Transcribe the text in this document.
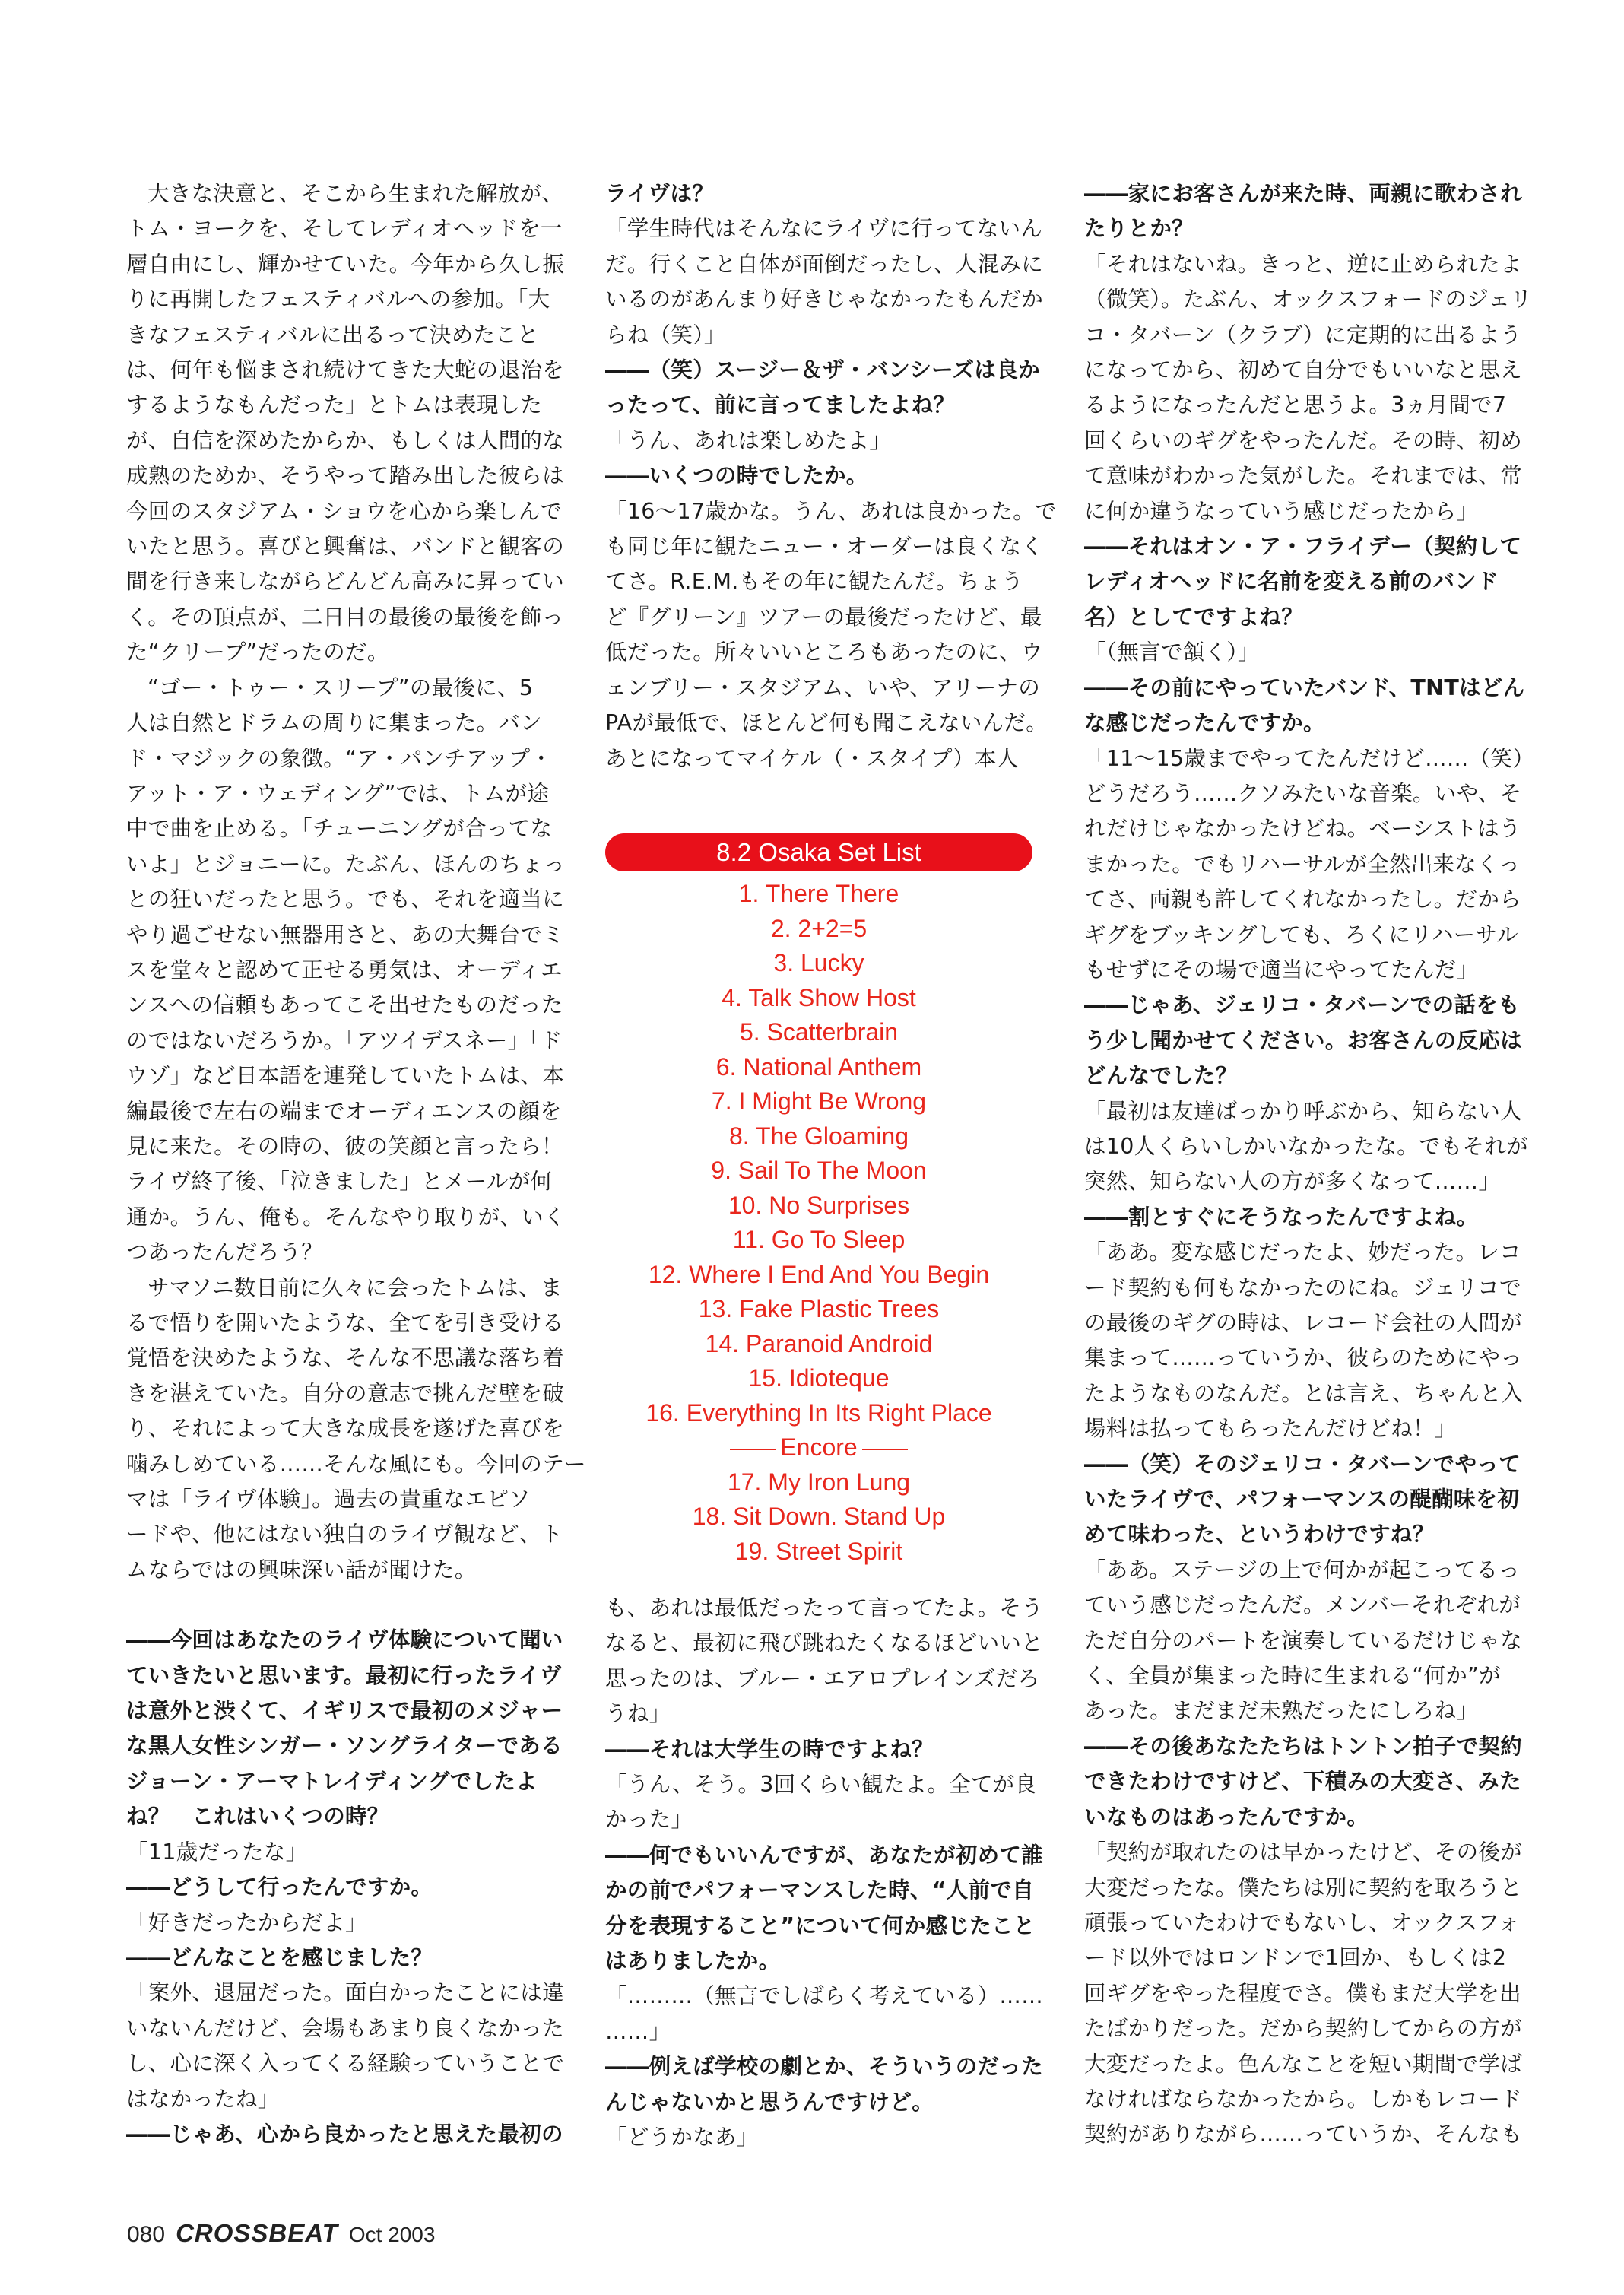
大きな決意と、そこから生まれた解放が、

トム・ヨークを、そしてレディオヘッドを一

層自由にし、輝かせていた。今年から久し振

りに再開したフェスティバルへの参加。「大

きなフェスティバルに出るって決めたこと

は、何年も悩まされ続けてきた大蛇の退治を

するようなもんだった」とトムは表現した

が、自信を深めたからか、もしくは人間的な

成熟のためか、そうやって踏み出した彼らは

今回のスタジアム・ショウを心から楽しんで

いたと思う。喜びと興奮は、バンドと観客の

間を行き来しながらどんどん高みに昇ってい

く。その頂点が、二日目の最後の最後を飾っ

た“クリープ”だったのだ。

“ゴー・トゥー・スリープ”の最後に、5

人は自然とドラムの周りに集まった。バン

ド・マジックの象徴。“ア・パンチアップ・

アット・ア・ウェディング”では、トムが途

中で曲を止める。「チューニングが合ってな

いよ」とジョニーに。たぶん、ほんのちょっ

との狂いだったと思う。でも、それを適当に

やり過ごせない無器用さと、あの大舞台でミ

スを堂々と認めて正せる勇気は、オーディエ

ンスへの信頼もあってこそ出せたものだった

のではないだろうか。「アツイデスネー」「ド

ウゾ」など日本語を連発していたトムは、本

編最後で左右の端までオーディエンスの顔を

見に来た。その時の、彼の笑顔と言ったら！

ライヴ終了後、「泣きました」とメールが何

通か。うん、俺も。そんなやり取りが、いく

つあったんだろう？

サマソニ数日前に久々に会ったトムは、ま

るで悟りを開いたような、全てを引き受ける

覚悟を決めたような、そんな不思議な落ち着

きを湛えていた。自分の意志で挑んだ壁を破

り、それによって大きな成長を遂げた喜びを

噛みしめている……そんな風にも。今回のテー

マは「ライヴ体験」。過去の貴重なエピソ

ードや、他にはない独自のライヴ観など、ト

ムならではの興味深い話が聞けた。

――今回はあなたのライヴ体験について聞い

ていきたいと思います。最初に行ったライヴ

は意外と渋くて、イギリスで最初のメジャー

な黒人女性シンガー・ソングライターである

ジョーン・アーマトレイディングでしたよ

ね？　これはいくつの時？

「11歳だったな」

――どうして行ったんですか。

「好きだったからだよ」

――どんなことを感じました？

「案外、退屈だった。面白かったことには違

いないんだけど、会場もあまり良くなかった

し、心に深く入ってくる経験っていうことで

はなかったね」

――じゃあ、心から良かったと思えた最初の

ライヴは？

「学生時代はそんなにライヴに行ってないん

だ。行くこと自体が面倒だったし、人混みに

いるのがあんまり好きじゃなかったもんだか

らね（笑）」

――（笑）スージー＆ザ・バンシーズは良か

ったって、前に言ってましたよね？

「うん、あれは楽しめたよ」

――いくつの時でしたか。

「16〜17歳かな。うん、あれは良かった。で

も同じ年に観たニュー・オーダーは良くなく

てさ。R.E.M.もその年に観たんだ。ちょう

ど『グリーン』ツアーの最後だったけど、最

低だった。所々いいところもあったのに、ウ

ェンブリー・スタジアム、いや、アリーナの

PAが最低で、ほとんど何も聞こえないんだ。

あとになってマイケル（・スタイプ）本人

8.2 Osaka Set List
1. There There
2. 2+2=5
3. Lucky
4. Talk Show Host
5. Scatterbrain
6. National Anthem
7. I Might Be Wrong
8. The Gloaming
9. Sail To The Moon
10. No Surprises
11. Go To Sleep
12. Where I End And You Begin
13. Fake Plastic Trees
14. Paranoid Android
15. Idioteque
16. Everything In Its Right Place
Encore
17. My Iron Lung
18. Sit Down. Stand Up
19. Street Spirit

も、あれは最低だったって言ってたよ。そう

なると、最初に飛び跳ねたくなるほどいいと

思ったのは、ブルー・エアロプレインズだろ

うね」

――それは大学生の時ですよね？

「うん、そう。3回くらい観たよ。全てが良

かった」

――何でもいいんですが、あなたが初めて誰

かの前でパフォーマンスした時、“人前で自

分を表現すること”について何か感じたこと

はありましたか。

「………（無言でしばらく考えている）……

……」

――例えば学校の劇とか、そういうのだった

んじゃないかと思うんですけど。

「どうかなあ」

――家にお客さんが来た時、両親に歌わされ

たりとか？

「それはないね。きっと、逆に止められたよ

（微笑）。たぶん、オックスフォードのジェリ

コ・タバーン（クラブ）に定期的に出るよう

になってから、初めて自分でもいいなと思え

るようになったんだと思うよ。3ヵ月間で7

回くらいのギグをやったんだ。その時、初め

て意味がわかった気がした。それまでは、常

に何か違うなっていう感じだったから」

――それはオン・ア・フライデー（契約して

レディオヘッドに名前を変える前のバンド

名）としてですよね？

「（無言で頷く）」

――その前にやっていたバンド、TNTはどん

な感じだったんですか。

「11〜15歳までやってたんだけど……（笑）

どうだろう……クソみたいな音楽。いや、そ

れだけじゃなかったけどね。ベーシストはう

まかった。でもリハーサルが全然出来なくっ

てさ、両親も許してくれなかったし。だから

ギグをブッキングしても、ろくにリハーサル

もせずにその場で適当にやってたんだ」

――じゃあ、ジェリコ・タバーンでの話をも

う少し聞かせてください。お客さんの反応は

どんなでした？

「最初は友達ばっかり呼ぶから、知らない人

は10人くらいしかいなかったな。でもそれが

突然、知らない人の方が多くなって……」

――割とすぐにそうなったんですよね。

「ああ。変な感じだったよ、妙だった。レコ

ード契約も何もなかったのにね。ジェリコで

の最後のギグの時は、レコード会社の人間が

集まって……っていうか、彼らのためにやっ

たようなものなんだ。とは言え、ちゃんと入

場料は払ってもらったんだけどね！」

――（笑）そのジェリコ・タバーンでやって

いたライヴで、パフォーマンスの醍醐味を初

めて味わった、というわけですね？

「ああ。ステージの上で何かが起こってるっ

ていう感じだったんだ。メンバーそれぞれが

ただ自分のパートを演奏しているだけじゃな

く、全員が集まった時に生まれる“何か”が

あった。まだまだ未熟だったにしろね」

――その後あなたたちはトントン拍子で契約

できたわけですけど、下積みの大変さ、みた

いなものはあったんですか。

「契約が取れたのは早かったけど、その後が

大変だったな。僕たちは別に契約を取ろうと

頑張っていたわけでもないし、オックスフォ

ード以外ではロンドンで1回か、もしくは2

回ギグをやった程度でさ。僕もまだ大学を出

たばかりだった。だから契約してからの方が

大変だったよ。色んなことを短い期間で学ば

なければならなかったから。しかもレコード

契約がありながら……っていうか、そんなも

080 CROSSBEAT Oct 2003
